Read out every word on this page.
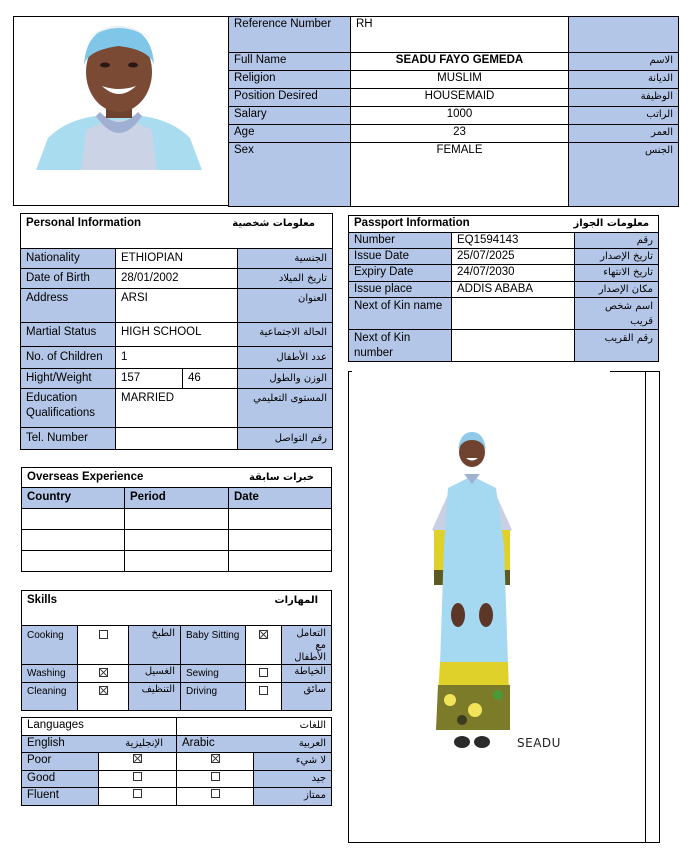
Reference Number	RH	
Full Name	SEADU FAYO GEMEDA	الاسم
Religion	MUSLIM	الديانة
Position Desired	HOUSEMAID	الوظيفة
Salary	1000	الراتب
Age	23	العمر
Sex	FEMALE	الجنس
Personal Information معلومات شخصية			

Nationality	ETHIOPIAN		الجنسية
Date of Birth	28/01/2002		تاريخ الميلاد
Address	ARSI		العنوان
Martial Status	HIGH SCHOOL		الحالة الاجتماعية
No. of Children	1		عدد الأطفال
Hight/Weight	157	46	الوزن والطول
Education Qualifications	MARRIED		المستوى التعليمي
Tel. Number			رقم التواصل
Passport Information معلومات الجواز		

Number	EQ1594143	رقم
Issue Date	25/07/2025	تاريخ الإصدار
Expiry Date	24/07/2030	تاريخ الانتهاء
Issue place	ADDIS ABABA	مكان الإصدار
Next of Kin name		اسم شخص قريب
Next of Kin number		رقم القريب
SEADU
Overseas Experience خبرات سابقة		

Country	Period	Date

Skills المهارات					

Cooking		الطبخ	Baby Sitting		التعامل مع الأطفال
Washing		الغسيل	Sewing		الخياطة
Cleaning		التنظيف	Driving		سائق
Languages		اللغات	
English الإنجليزية		Arabic العربية	

Poor			لا شيء
Good			جيد
Fluent			ممتاز
